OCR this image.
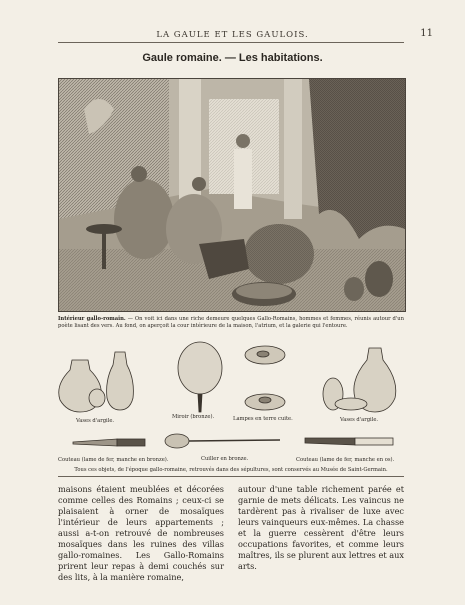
LA GAULE ET LES GAULOIS.	11
Gaule romaine. — Les habitations.
Intérieur gallo-romain. — On voit ici dans une riche demeure quelques Gallo-Romains, hommes et femmes, réunis autour d'un poète lisant des vers. Au fond, on aperçoit la cour intérieure de la maison, l'atrium, et la galerie qui l'entoure.
Vases d'argile.
Miroir (bronze).	Lampes en terre cuite.	Vases d'argile.
Couteau (lame de fer, manche en bronze).	Cuiller en bronze.	Couteau (lame de fer, manche en os).
Tous ces objets, de l'époque gallo-romaine, retrouvés dans des sépultures, sont conservés au Musée de Saint-Germain.
maisons étaient meublées et décorées comme celles des Romains ; ceux-ci se plaisaient à orner de mosaïques l'intérieur de leurs appartements ; aussi a-t-on retrouvé de nombreuses mosaïques dans les ruines des villas gallo-romaines. Les Gallo-Romains prirent leur repas à demi couchés sur des lits, à la manière romaine,
autour d'une table richement parée et garnie de mets délicats. Les vaincus ne tardèrent pas à rivaliser de luxe avec leurs vainqueurs eux-mêmes. La chasse et la guerre cessèrent d'être leurs occupations favorites, et comme leurs maîtres, ils se plurent aux lettres et aux arts.
